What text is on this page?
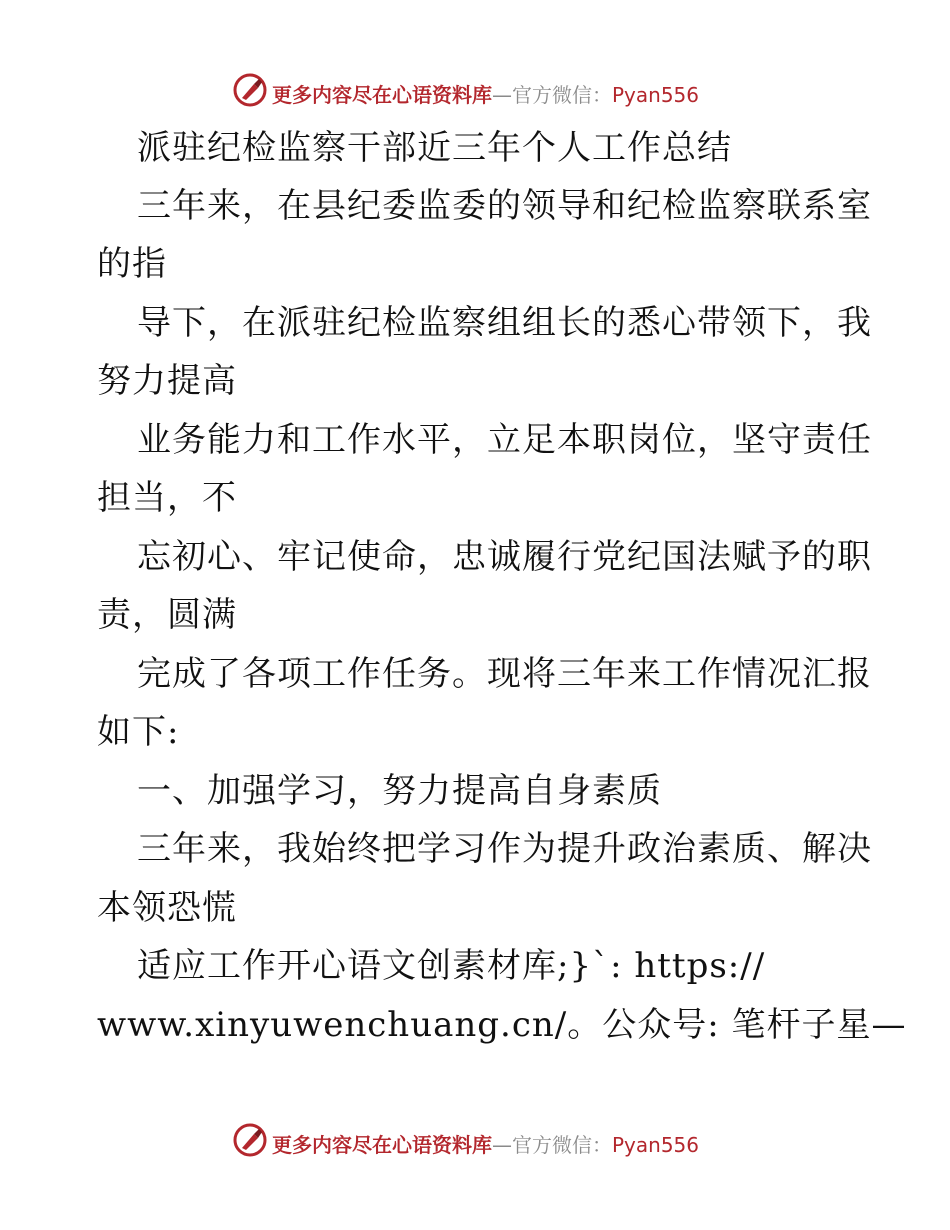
更多内容尽在心语资料库—官方微信：Pyan556
派驻纪检监察干部近三年个人工作总结
三年来，在县纪委监委的领导和纪检监察联系室
的指
导下，在派驻纪检监察组组长的悉心带领下，我
努力提高
业务能力和工作水平，立足本职岗位，坚守责任
担当，不
忘初心、牢记使命，忠诚履行党纪国法赋予的职
责，圆满
完成了各项工作任务。现将三年来工作情况汇报
如下:
一、加强学习，努力提高自身素质
三年来，我始终把学习作为提升政治素质、解决
本领恐慌
适应工作开心语文创素材库;}`: https://
www.xinyuwenchuang.cn/。公众号: 笔杆子星—
更多内容尽在心语资料库—官方微信：Pyan556
